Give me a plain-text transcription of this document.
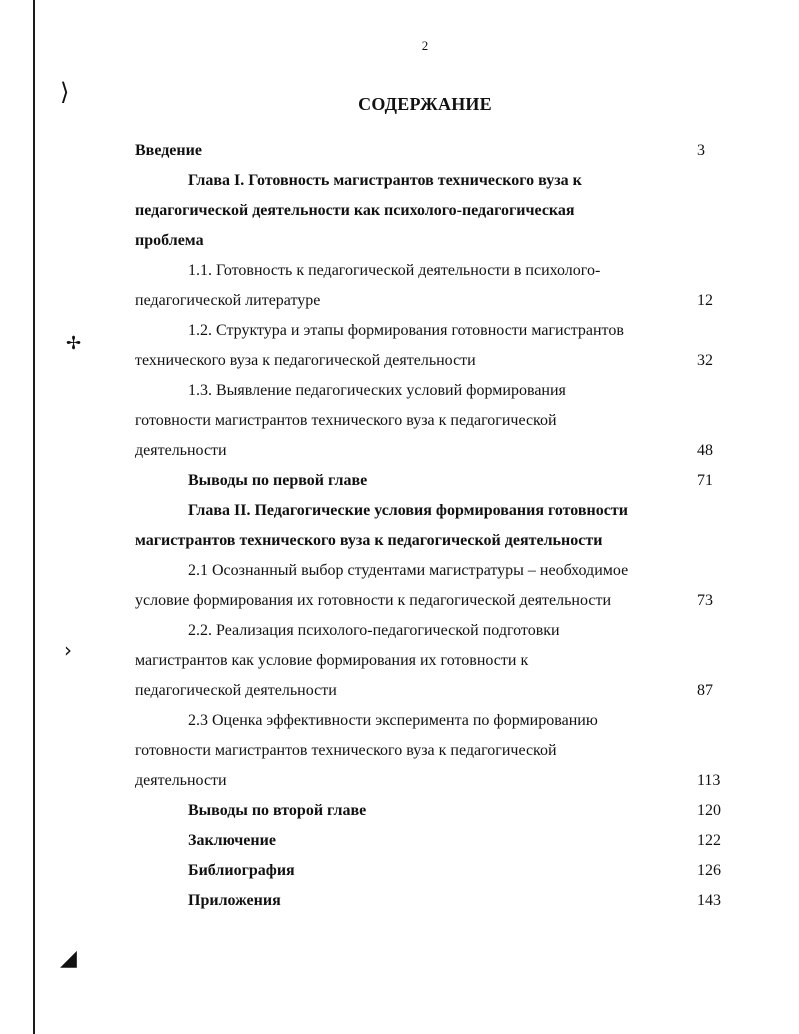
⟩
✢
›
◢
2
СОДЕРЖАНИЕ
Введение	3
Глава I. Готовность магистрантов технического вуза к
педагогической деятельности как психолого-педагогическая
проблема
1.1. Готовность к педагогической деятельности в психолого-
педагогической литературе	12
1.2. Структура и этапы формирования готовности магистрантов
технического вуза к педагогической деятельности	32
1.3. Выявление педагогических условий формирования
готовности магистрантов технического вуза к педагогической
деятельности	48
Выводы по первой главе	71
Глава II. Педагогические условия формирования готовности
магистрантов технического вуза к педагогической деятельности
2.1 Осознанный выбор студентами магистратуры – необходимое
условие формирования их готовности к педагогической деятельности	73
2.2. Реализация психолого-педагогической подготовки
магистрантов как условие формирования их готовности к
педагогической деятельности	87
2.3 Оценка эффективности эксперимента по формированию
готовности магистрантов технического вуза к педагогической
деятельности	113
Выводы по второй главе	120
Заключение	122
Библиография	126
Приложения	143
